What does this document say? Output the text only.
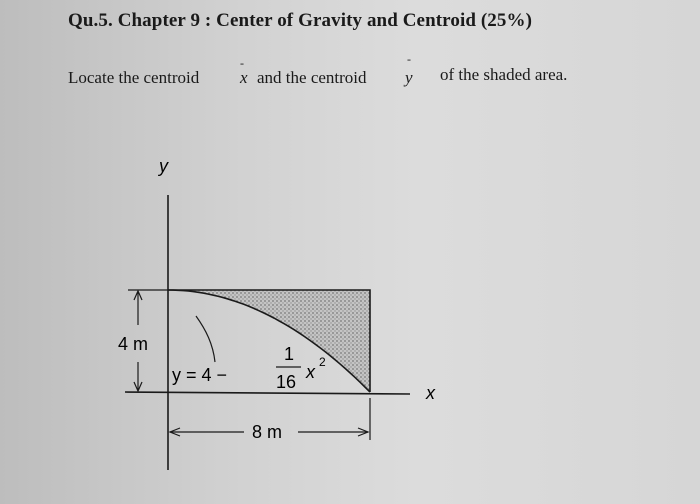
Qu.5. Chapter 9 : Center of Gravity and Centroid (25%)
Locate the centroid x
-
and the centroid y
-
of the shaded area.
y
x
4 m
8 m
y = 4 −
1
16 x 2
